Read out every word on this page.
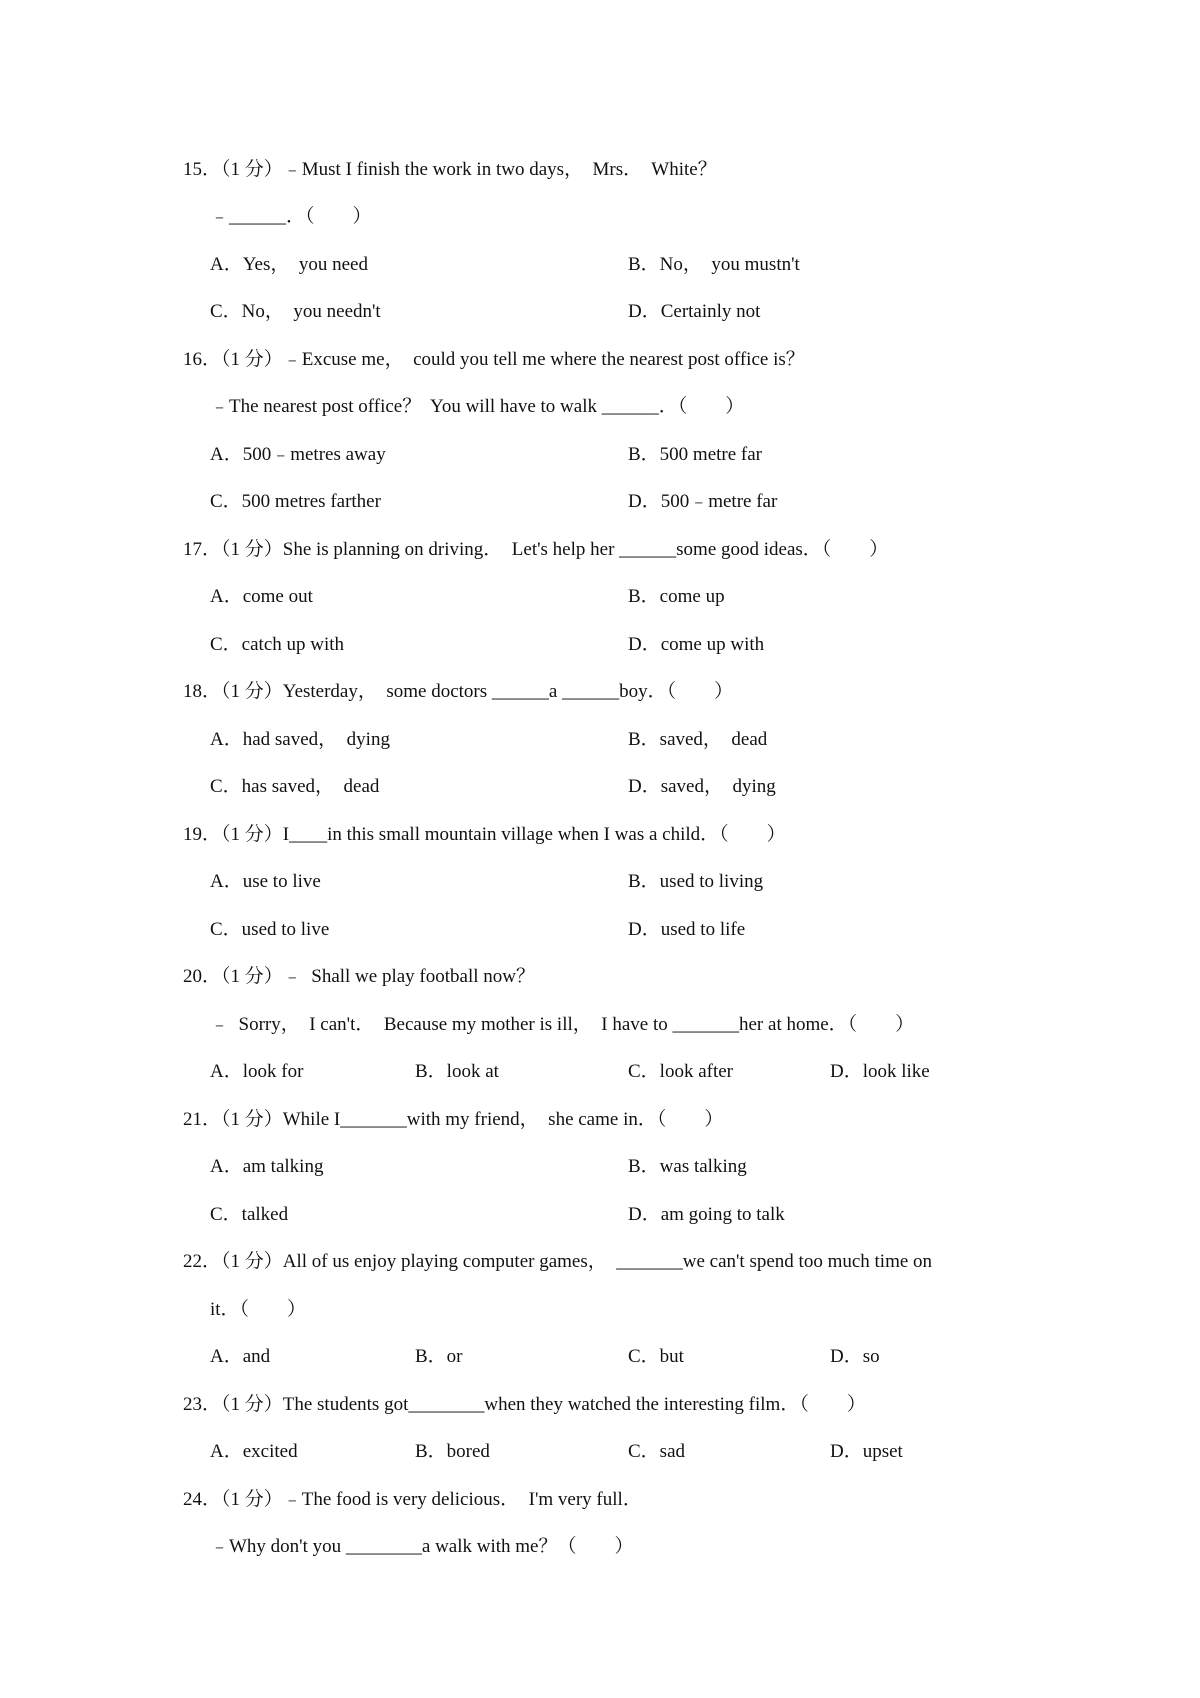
15．（1 分）﹣Must I finish the work in two days，  Mrs．  White？
﹣______．（　　）
A．Yes，  you need	B．No，  you mustn't
C．No，  you needn't	D．Certainly not
16．（1 分）﹣Excuse me，  could you tell me where the nearest post office is？
﹣The nearest post office？  You will have to walk ______．（　　）
A．500﹣metres away	B．500 metre far
C．500 metres farther	D．500﹣metre far
17．（1 分）She is planning on driving．  Let's help her ______some good ideas．（　　）
A．come out	B．come up
C．catch up with	D．come up with
18．（1 分）Yesterday，  some doctors ______a ______boy．（　　）
A．had saved，  dying	B．saved，  dead
C．has saved，  dead	D．saved，  dying
19．（1 分）I____in this small mountain village when I was a child．（　　）
A．use to live	B．used to living
C．used to live	D．used to life
20．（1 分）﹣  Shall we play football now？
﹣  Sorry，  I can't．  Because my mother is ill，  I have to _______her at home．（　　）
A．look for	B．look at	C．look after	D．look like
21．（1 分）While I_______with my friend，  she came in．（　　）
A．am talking	B．was talking
C．talked	D．am going to talk
22．（1 分）All of us enjoy playing computer games，  _______we can't spend too much time on
it．（　　）
A．and	B．or	C．but	D．so
23．（1 分）The students got________when they watched the interesting film．（　　）
A．excited	B．bored	C．sad	D．upset
24．（1 分）﹣The food is very delicious．  I'm very full．
﹣Why don't you ________a walk with me？（　　）
